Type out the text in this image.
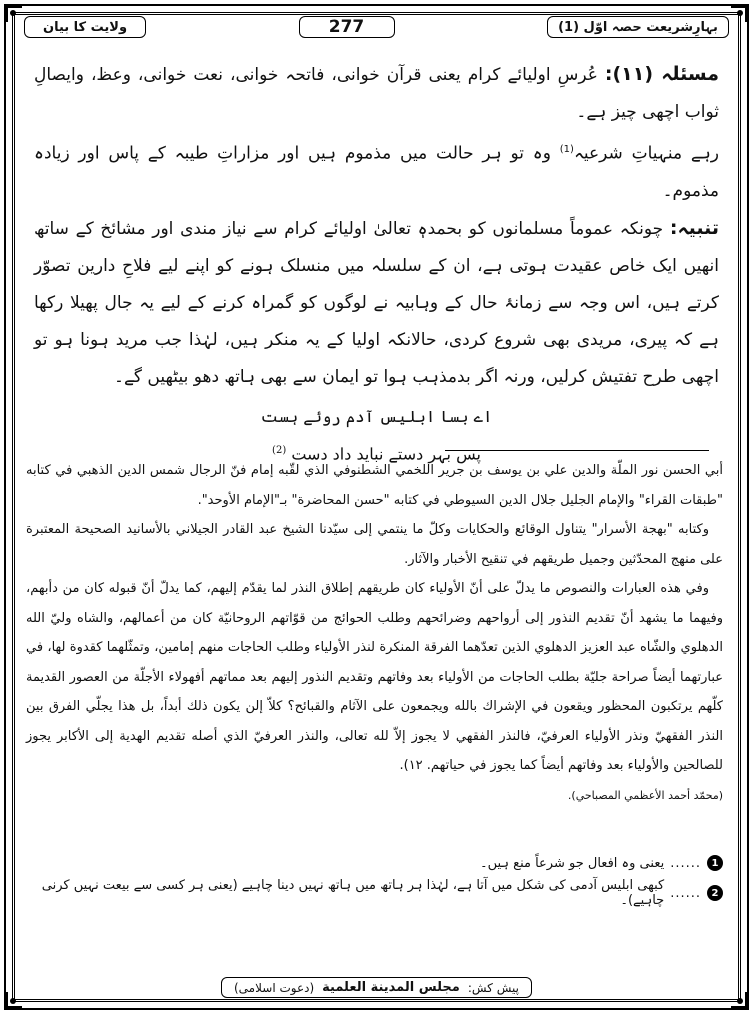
ولایت کا بیان	277	بہارِشریعت حصہ اوّل (1)

مسئلہ (۱۱): عُرسِ اولیائے کرام یعنی قرآن خوانی، فاتحہ خوانی، نعت خوانی، وعظ، وایصالِ ثواب اچھی چیز ہے۔

رہے منہیاتِ شرعیہ$^{(1)}$ وہ تو ہر حالت میں مذموم ہیں اور مزاراتِ طیبہ کے پاس اور زیادہ مذموم۔

تنبیہ: چونکہ عموماً مسلمانوں کو بحمدہٖ تعالیٰ اولیائے کرام سے نیاز مندی اور مشائخ کے ساتھ انھیں ایک خاص عقیدت ہوتی ہے، ان کے سلسلہ میں منسلک ہونے کو اپنے لیے فلاحِ دارین تصوّر کرتے ہیں، اس وجہ سے زمانۂ حال کے وہابیہ نے لوگوں کو گمراہ کرنے کے لیے یہ جال پھیلا رکھا ہے کہ پیری، مریدی بھی شروع کردی، حالانکہ اولیا کے یہ منکر ہیں، لہٰذا جب مرید ہونا ہو تو اچھی طرح تفتیش کرلیں، ورنہ اگر بدمذہب ہوا تو ایمان سے بھی ہاتھ دھو بیٹھیں گے۔

اے بسا ابلیس آدم روئے ہست
پس بہر دستے نباید داد دست $^{(2)}$

أبي الحسن نور الملّة والدين علي بن يوسف بن جرير اللخمي الشطنوفي الذي لقّبه إمام فنّ الرجال شمس الدين الذهبي في كتابه "طبقات القراء" والإمام الجليل جلال الدين السيوطي في كتابه "حسن المحاضرة" بـ"الإمام الأوحد".

وكتابه "بهجة الأسرار" يتناول الوقائع والحكايات وكلّ ما ينتمي إلى سيّدنا الشيخ عبد القادر الجيلاني بالأسانيد الصحيحة المعتبرة على منهج المحدّثين وجميل طريقهم في تنقيح الأخبار والآثار.

وفي هذه العبارات والنصوص ما يدلّ على أنّ الأولياء كان طريقهم إطلاق النذر لما يقدّم إليهم، كما يدلّ أنّ قبوله كان من دأبهم، وفيهما ما يشهد أنّ تقديم النذور إلى أرواحهم وضرائحهم وطلب الحوائج من قوّاتهم الروحانيّة كان من أعمالهم، والشاه وليّ الله الدهلوي والشّاه عبد العزيز الدهلوي الذين تعدّهما الفرقة المنكرة لنذر الأولياء وطلب الحاجات منهم إمامين، وتمثّلهما كقدوة لها، في عبارتهما أيضاً صراحة جليّة بطلب الحاجات من الأولياء بعد وفاتهم وتقديم النذور إليهم بعد مماتهم أفهولاء الأجلّة من العصور القديمة كلّهم يرتكبون المحظور ويقعون في الإشراك بالله ويجمعون على الآثام والقبائح؟ كلاّ إلن يكون ذلك أبداً، بل هذا يجلّي الفرق بين النذر الفقهيّ ونذر الأولياء العرفيّ، فالنذر الفقهي لا يجوز إلاّ لله تعالى، والنذر العرفيّ الذي أصله تقديم الهدية إلى الأكابر يجوز للصالحين والأولياء بعد وفاتهم أيضاً كما يجوز في حياتهم. ١٢).

(محمّد أحمد الأعظمي المصباحي).

1
......
یعنی وہ افعال جو شرعاً منع ہیں۔
2
......
کبھی ابلیس آدمی کی شکل میں آتا ہے، لہٰذا ہر ہاتھ میں ہاتھ نہیں دینا چاہیے (یعنی ہر کسی سے بیعت نہیں کرنی چاہیے)۔
پیش کش:
مجلس المدينة العلمية
(دعوت اسلامی)
